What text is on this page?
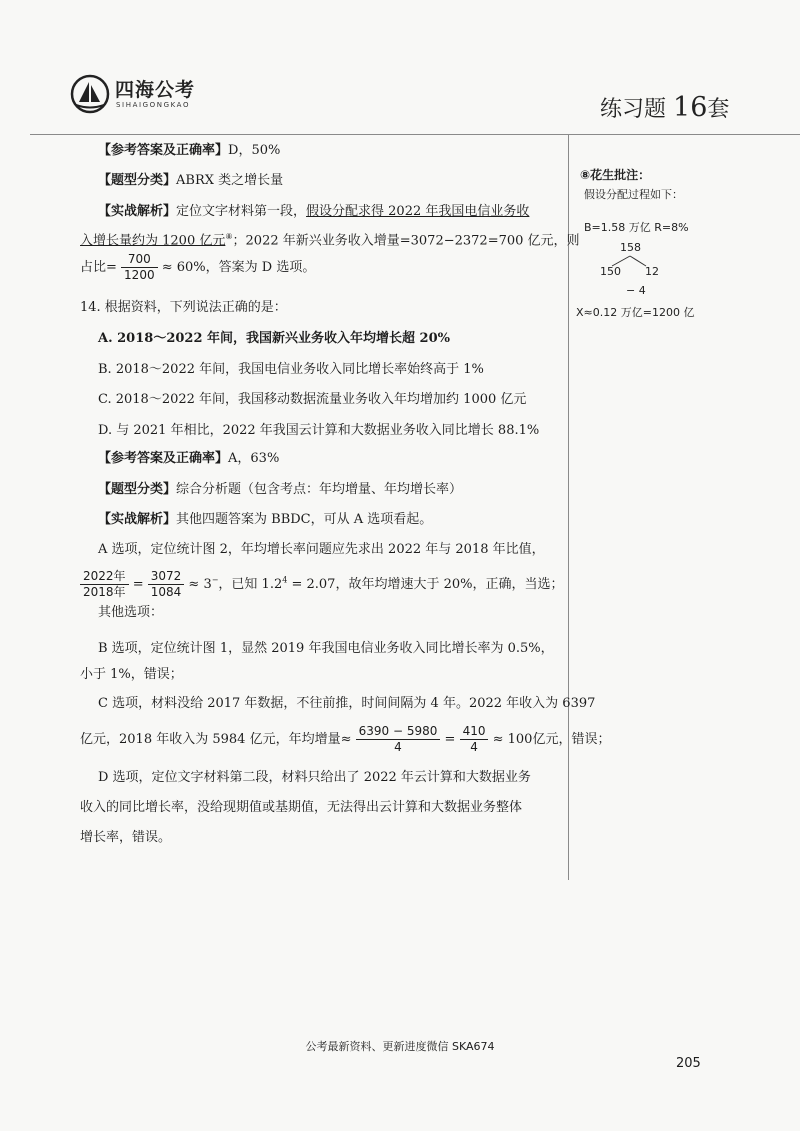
四海公考
SIHAIGONGKAO	练习题 16套
【参考答案及正确率】D，50%
【题型分类】ABRX 类之增长量
【实战解析】定位文字材料第一段，假设分配求得 2022 年我国电信业务收
入增长量约为 1200 亿元⑧；2022 年新兴业务收入增量=3072−2372=700 亿元，则
占比= $\frac{700}{1200} \approx 60\%$，答案为 D 选项。
14. 根据资料，下列说法正确的是：
A. 2018～2022 年间，我国新兴业务收入年均增长超 20%
B. 2018～2022 年间，我国电信业务收入同比增长率始终高于 1%
C. 2018～2022 年间，我国移动数据流量业务收入年均增加约 1000 亿元
D. 与 2021 年相比，2022 年我国云计算和大数据业务收入同比增长 88.1%
【参考答案及正确率】A，63%
【题型分类】综合分析题（包含考点：年均增量、年均增长率）
【实战解析】其他四题答案为 BBDC，可从 A 选项看起。
A 选项，定位统计图 2，年均增长率问题应先求出 2022 年与 2018 年比值，
$\frac{\text{2022年}}{\text{2018年}} = \frac{3072}{1084} \approx 3^-$，已知 $1.2^4 = 2.07$，故年均增速大于 20%，正确，当选；
其他选项：
B 选项，定位统计图 1，显然 2019 年我国电信业务收入同比增长率为 0.5%，
小于 1%，错误；
C 选项，材料没给 2017 年数据，不往前推，时间间隔为 4 年。2022 年收入为 6397
亿元，2018 年收入为 5984 亿元，年均增量≈ $\frac{6390 - 5980}{4} = \frac{410}{4} \approx 100$亿元，错误；
D 选项，定位文字材料第二段，材料只给出了 2022 年云计算和大数据业务
收入的同比增长率，没给现期值或基期值，无法得出云计算和大数据业务整体
增长率，错误。
⑧花生批注：
假设分配过程如下：
B=1.58 万亿 R=8%
158
150 12
− 4
X≈0.12 万亿=1200 亿
公考最新资料、更新进度微信 SKA674
205
